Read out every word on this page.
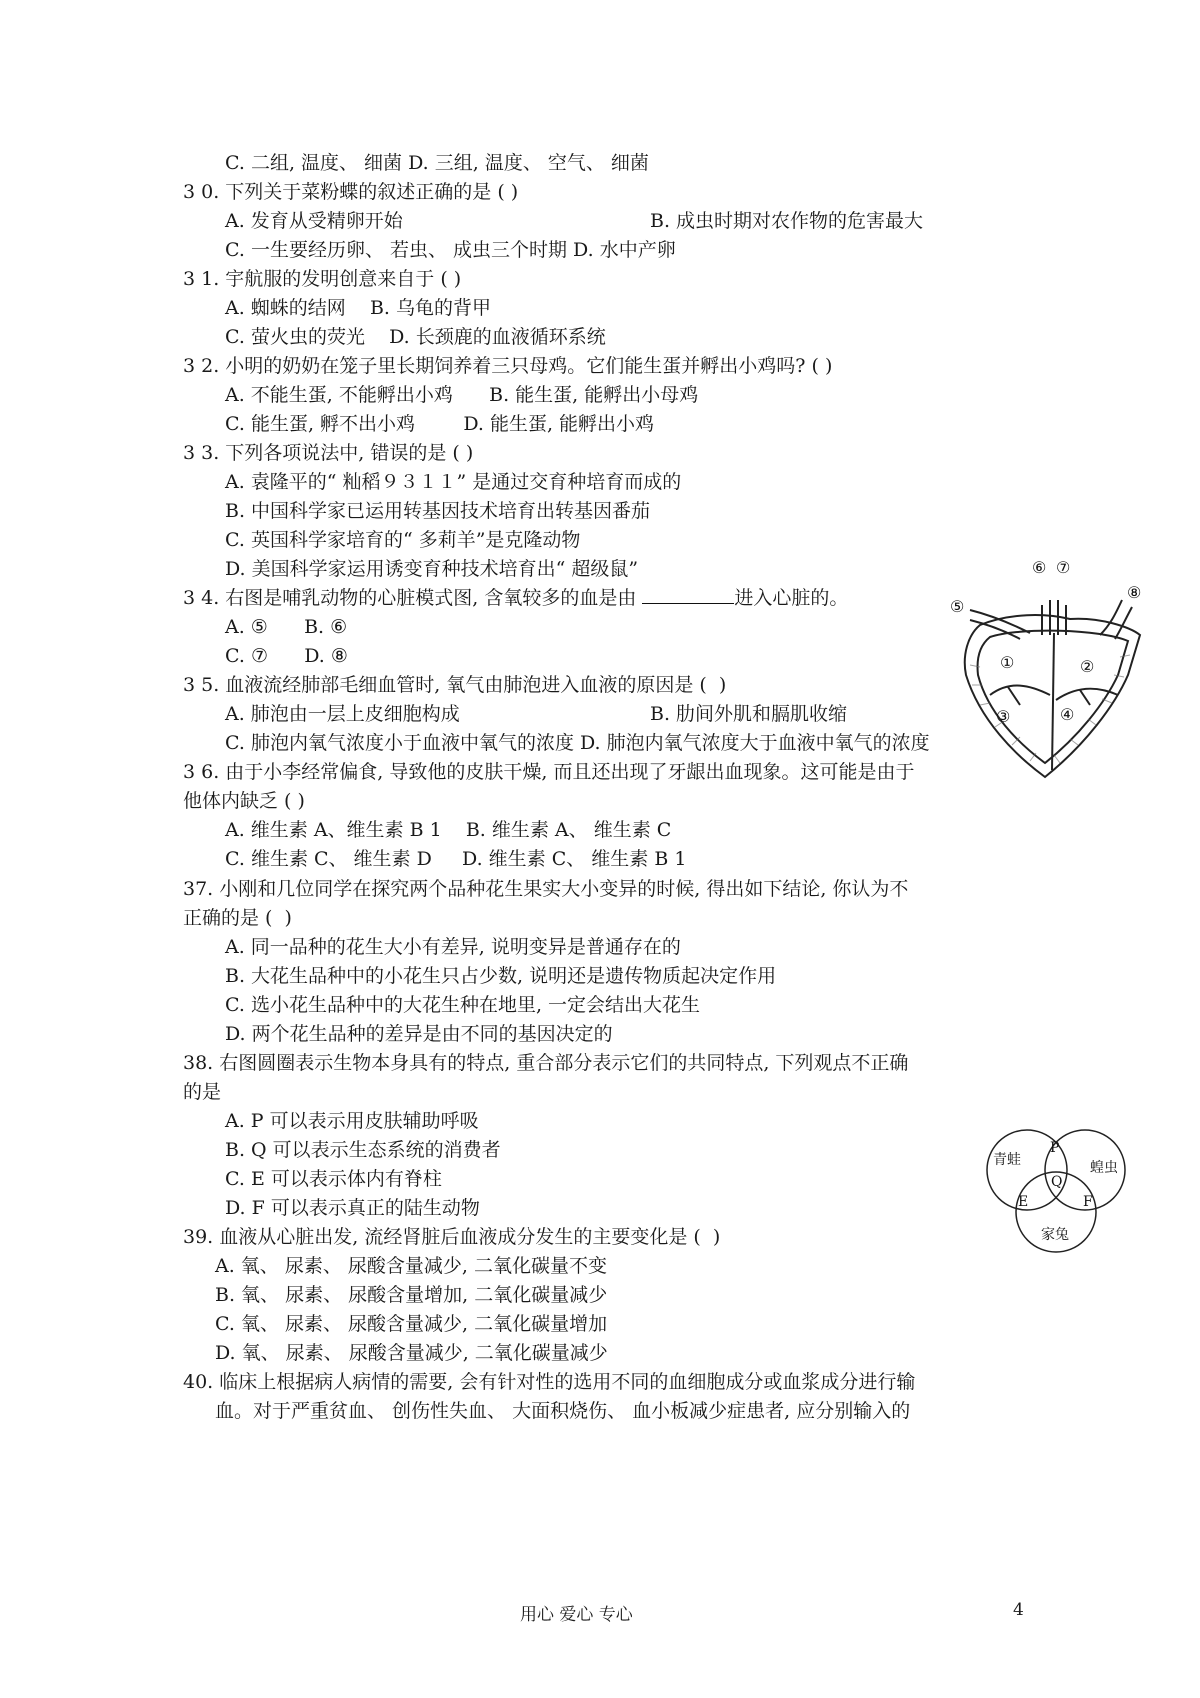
C. 二组, 温度、 细菌 D. 三组, 温度、 空气、 细菌
3 0. 下列关于菜粉蝶的叙述正确的是 ( )
A. 发育从受精卵开始	B. 成虫时期对农作物的危害最大
C. 一生要经历卵、 若虫、 成虫三个时期 D. 水中产卵
3 1. 宇航服的发明创意来自于 ( )
A. 蜘蛛的结网    B. 乌龟的背甲
C. 萤火虫的荧光    D. 长颈鹿的血液循环系统
3 2. 小明的奶奶在笼子里长期饲养着三只母鸡。它们能生蛋并孵出小鸡吗? ( )
A. 不能生蛋, 不能孵出小鸡      B. 能生蛋, 能孵出小母鸡
C. 能生蛋, 孵不出小鸡        D. 能生蛋, 能孵出小鸡
3 3. 下列各项说法中, 错误的是 ( )
A. 袁隆平的“ 籼稻９３１１” 是通过交育种培育而成的
B. 中国科学家已运用转基因技术培育出转基因番茄
C. 英国科学家培育的“ 多莉羊”是克隆动物
D. 美国科学家运用诱变育种技术培育出“ 超级鼠”
3 4. 右图是哺乳动物的心脏模式图, 含氧较多的血是由	进入心脏的。
A. ⑤      B. ⑥
C. ⑦      D. ⑧
3 5. 血液流经肺部毛细血管时, 氧气由肺泡进入血液的原因是 (  )
A. 肺泡由一层上皮细胞构成	B. 肋间外肌和膈肌收缩
C. 肺泡内氧气浓度小于血液中氧气的浓度 D. 肺泡内氧气浓度大于血液中氧气的浓度
3 6. 由于小李经常偏食, 导致他的皮肤干燥, 而且还出现了牙龈出血现象。这可能是由于
他体内缺乏 ( )
A. 维生素 A、维生素 B 1    B. 维生素 A、 维生素 C
C. 维生素 C、 维生素 D     D. 维生素 C、 维生素 B 1
37. 小刚和几位同学在探究两个品种花生果实大小变异的时候, 得出如下结论, 你认为不
正确的是 (  )
A. 同一品种的花生大小有差异, 说明变异是普通存在的
B. 大花生品种中的小花生只占少数, 说明还是遗传物质起决定作用
C. 选小花生品种中的大花生种在地里, 一定会结出大花生
D. 两个花生品种的差异是由不同的基因决定的
38. 右图圆圈表示生物本身具有的特点, 重合部分表示它们的共同特点, 下列观点不正确
的是
A. P 可以表示用皮肤辅助呼吸
B. Q 可以表示生态系统的消费者
C. E 可以表示体内有脊柱
D. F 可以表示真正的陆生动物
39. 血液从心脏出发, 流经肾脏后血液成分发生的主要变化是 (  )
A. 氧、 尿素、 尿酸含量减少, 二氧化碳量不变
B. 氧、 尿素、 尿酸含量增加, 二氧化碳量减少
C. 氧、 尿素、 尿酸含量减少, 二氧化碳量增加
D. 氧、 尿素、 尿酸含量减少, 二氧化碳量减少
40. 临床上根据病人病情的需要, 会有针对性的选用不同的血细胞成分或血浆成分进行输
血。对于严重贫血、 创伤性失血、 大面积烧伤、 血小板减少症患者, 应分别输入的
①	②
③	④
⑤
⑥ ⑦
⑧
青蛙	蝗虫
家兔
P
Q
E	F
用心 爱心 专心	4
